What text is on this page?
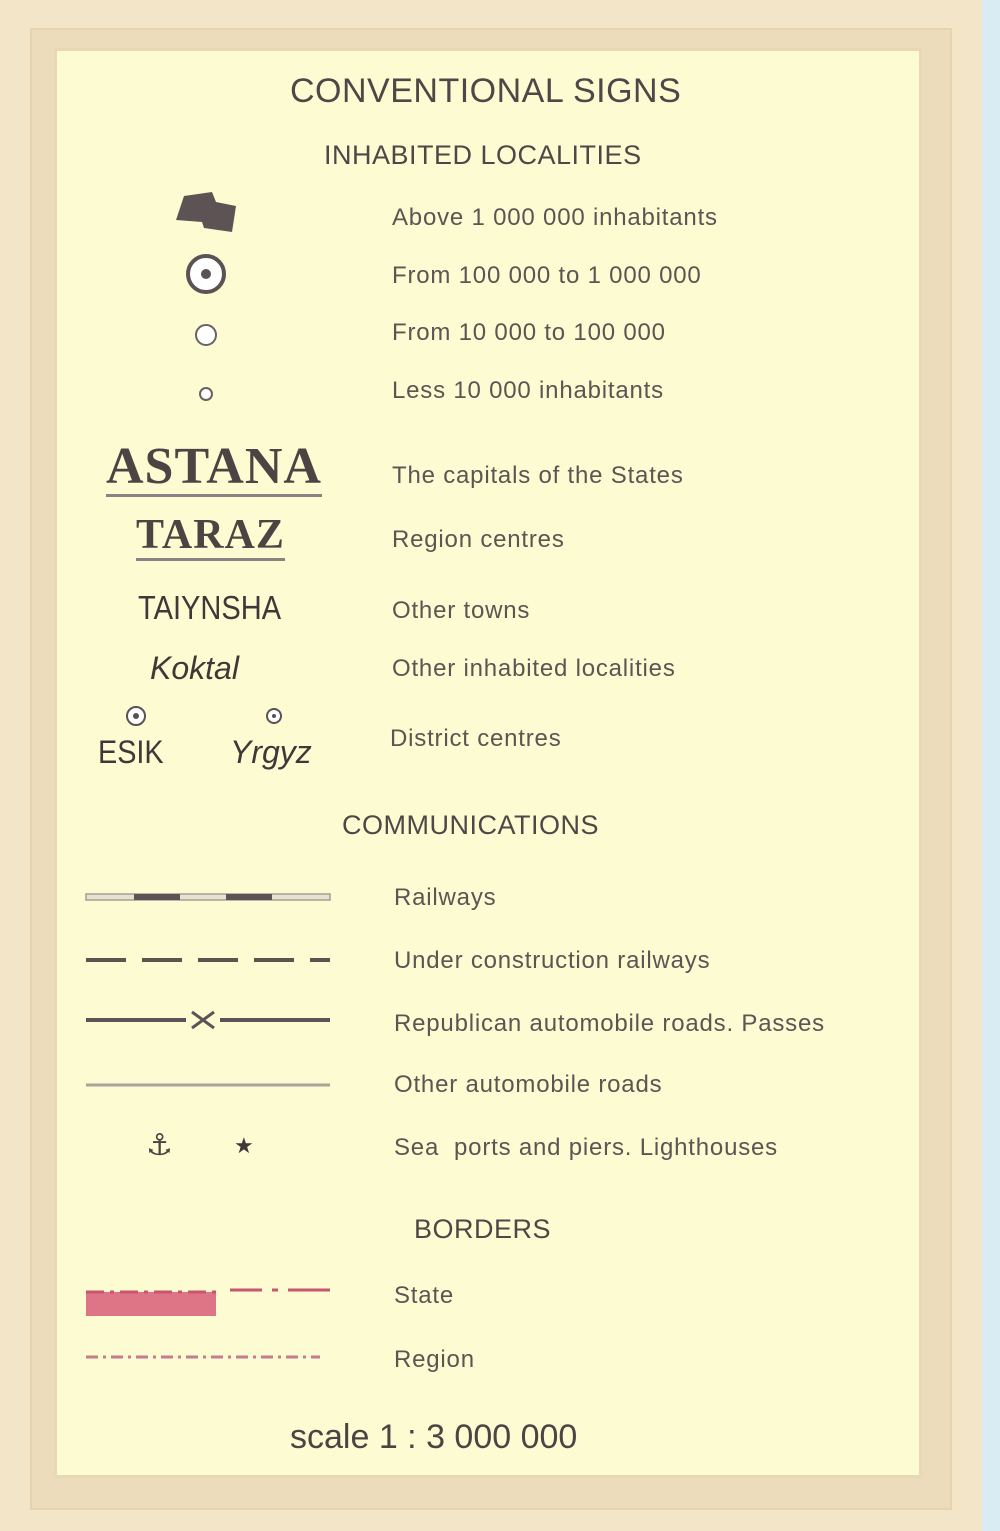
CONVENTIONAL SIGNS
INHABITED LOCALITIES
Above 1 000 000 inhabitants
From 100 000 to 1 000 000
From 10 000 to 100 000
Less 10 000 inhabitants
ASTANA	The capitals of the States
TARAZ	Region centres
TAIYNSHA	Other towns
Koktal	Other inhabited localities
ESIK Yrgyz	District centres
COMMUNICATIONS
Railways
Under construction railways
Republican automobile roads. Passes
Other automobile roads
⚓	★	Sea  ports and piers. Lighthouses
BORDERS
State
Region
scale 1 : 3 000 000
